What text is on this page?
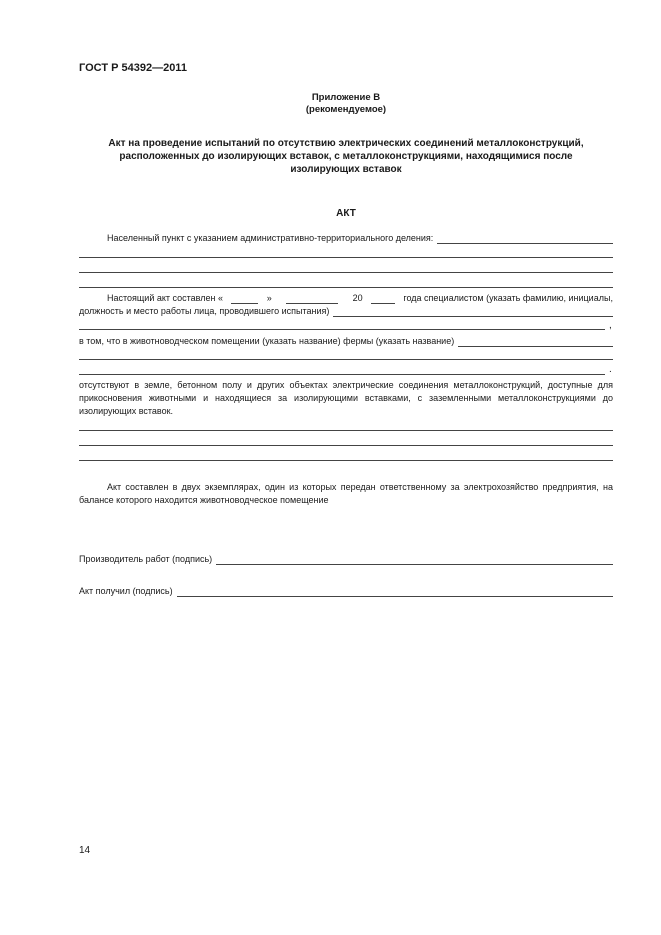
ГОСТ Р 54392—2011
Приложение В
(рекомендуемое)
Акт на проведение испытаний по отсутствию электрических соединений металлоконструкций,
расположенных до изолирующих вставок, с металлоконструкциями, находящимися после
изолирующих вставок
АКТ
Населенный пункт с указанием административно-территориального деления:
Настоящий акт составлен «	»	20	года специалистом (указать фамилию, инициалы,
должность и место работы лица, проводившего испытания)
,
в том, что в животноводческом помещении (указать название) фермы (указать название)
.
отсутствуют в земле, бетонном полу и других объектах электрические соединения металлоконструкций, доступные для прикосновения животными и находящиеся за изолирующими вставками, с заземленными металлоконструкциями до изолирующих вставок.
Акт составлен в двух экземплярах, один из которых передан ответственному за электрохозяйство предприятия, на балансе которого находится животноводческое помещение
Производитель работ (подпись)
Акт получил (подпись)
14
